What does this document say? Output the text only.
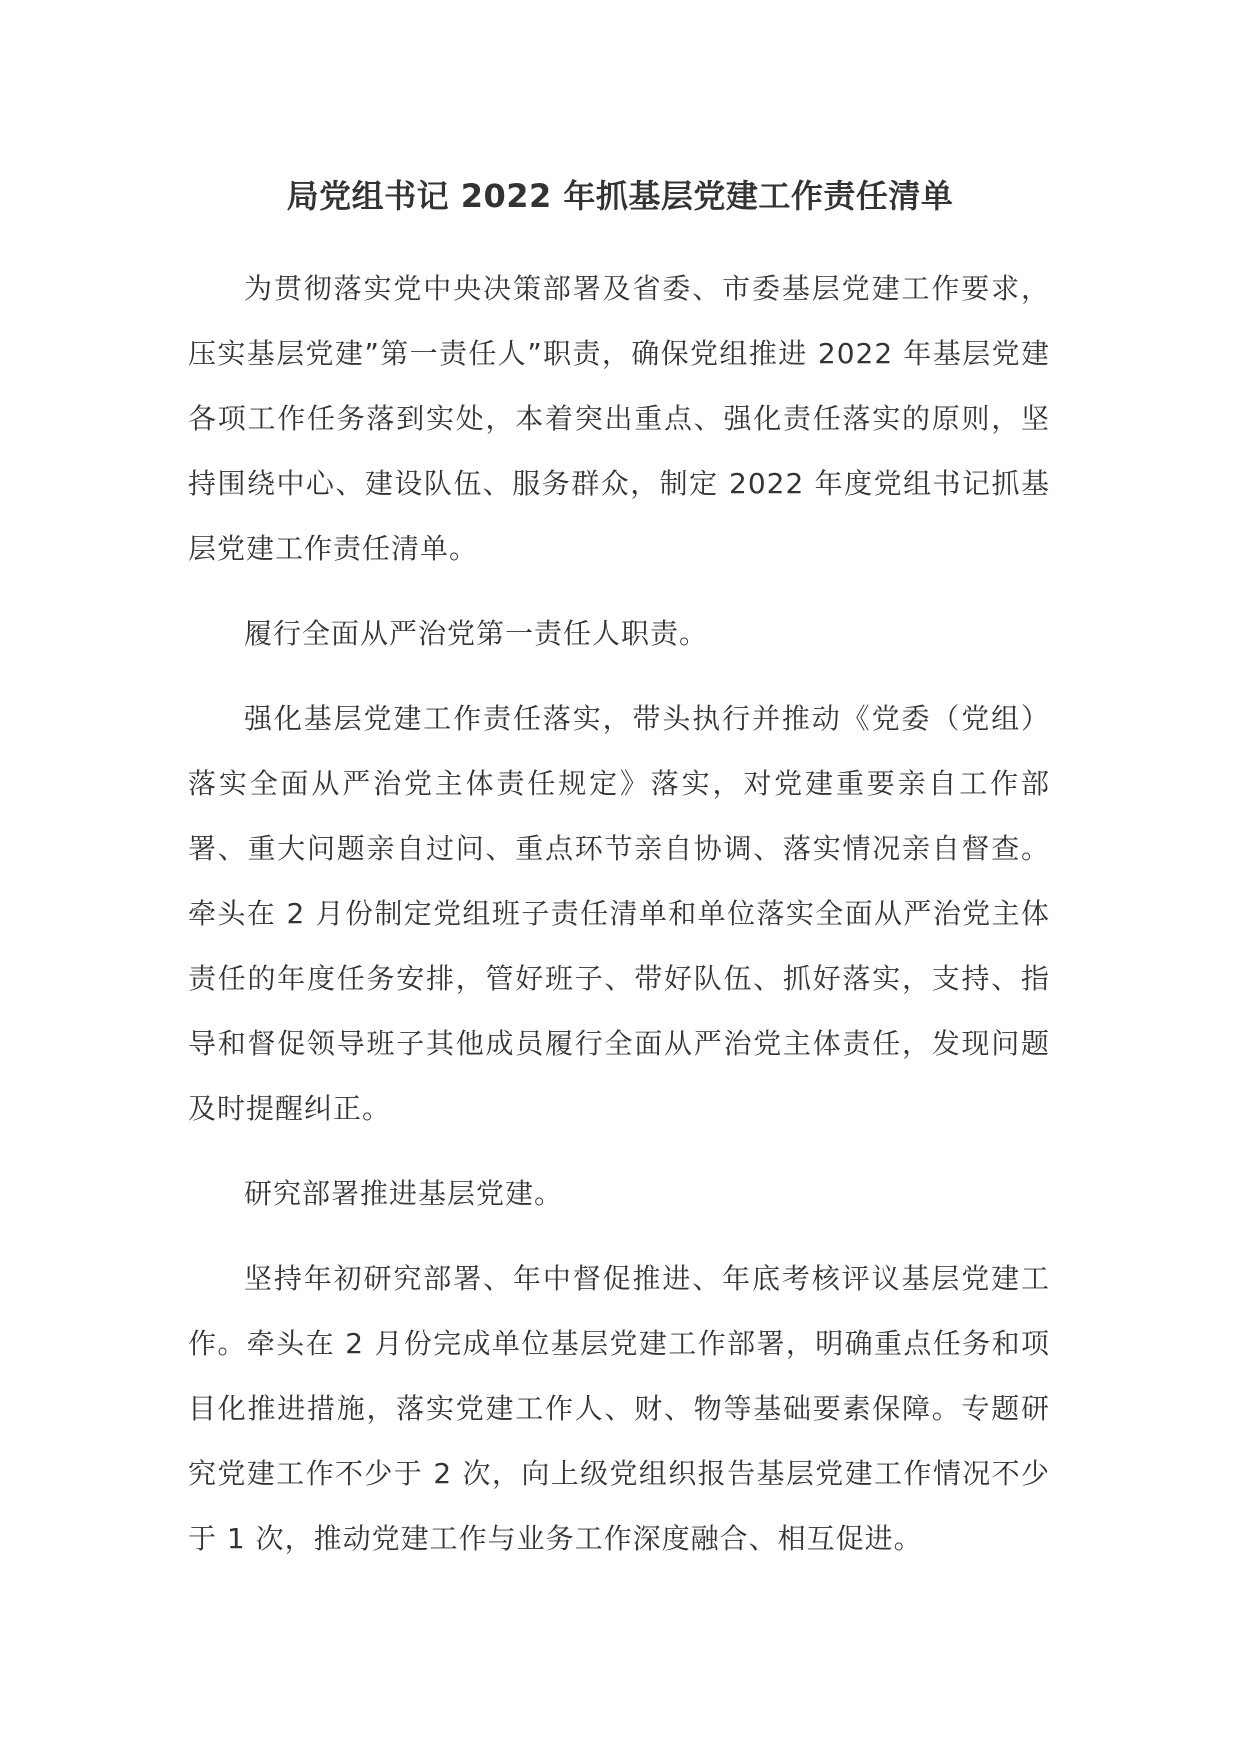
局党组书记 2022 年抓基层党建工作责任清单

为贯彻落实党中央决策部署及省委、市委基层党建工作要求，压实基层党建”第一责任人”职责，确保党组推进 2022 年基层党建各项工作任务落到实处，本着突出重点、强化责任落实的原则，坚持围绕中心、建设队伍、服务群众，制定 2022 年度党组书记抓基层党建工作责任清单。

履行全面从严治党第一责任人职责。

强化基层党建工作责任落实，带头执行并推动《党委（党组）落实全面从严治党主体责任规定》落实，对党建重要亲自工作部署、重大问题亲自过问、重点环节亲自协调、落实情况亲自督查。牵头在 2 月份制定党组班子责任清单和单位落实全面从严治党主体责任的年度任务安排，管好班子、带好队伍、抓好落实，支持、指导和督促领导班子其他成员履行全面从严治党主体责任，发现问题及时提醒纠正。

研究部署推进基层党建。

坚持年初研究部署、年中督促推进、年底考核评议基层党建工作。牵头在 2 月份完成单位基层党建工作部署，明确重点任务和项目化推进措施，落实党建工作人、财、物等基础要素保障。专题研究党建工作不少于 2 次，向上级党组织报告基层党建工作情况不少于 1 次，推动党建工作与业务工作深度融合、相互促进。
